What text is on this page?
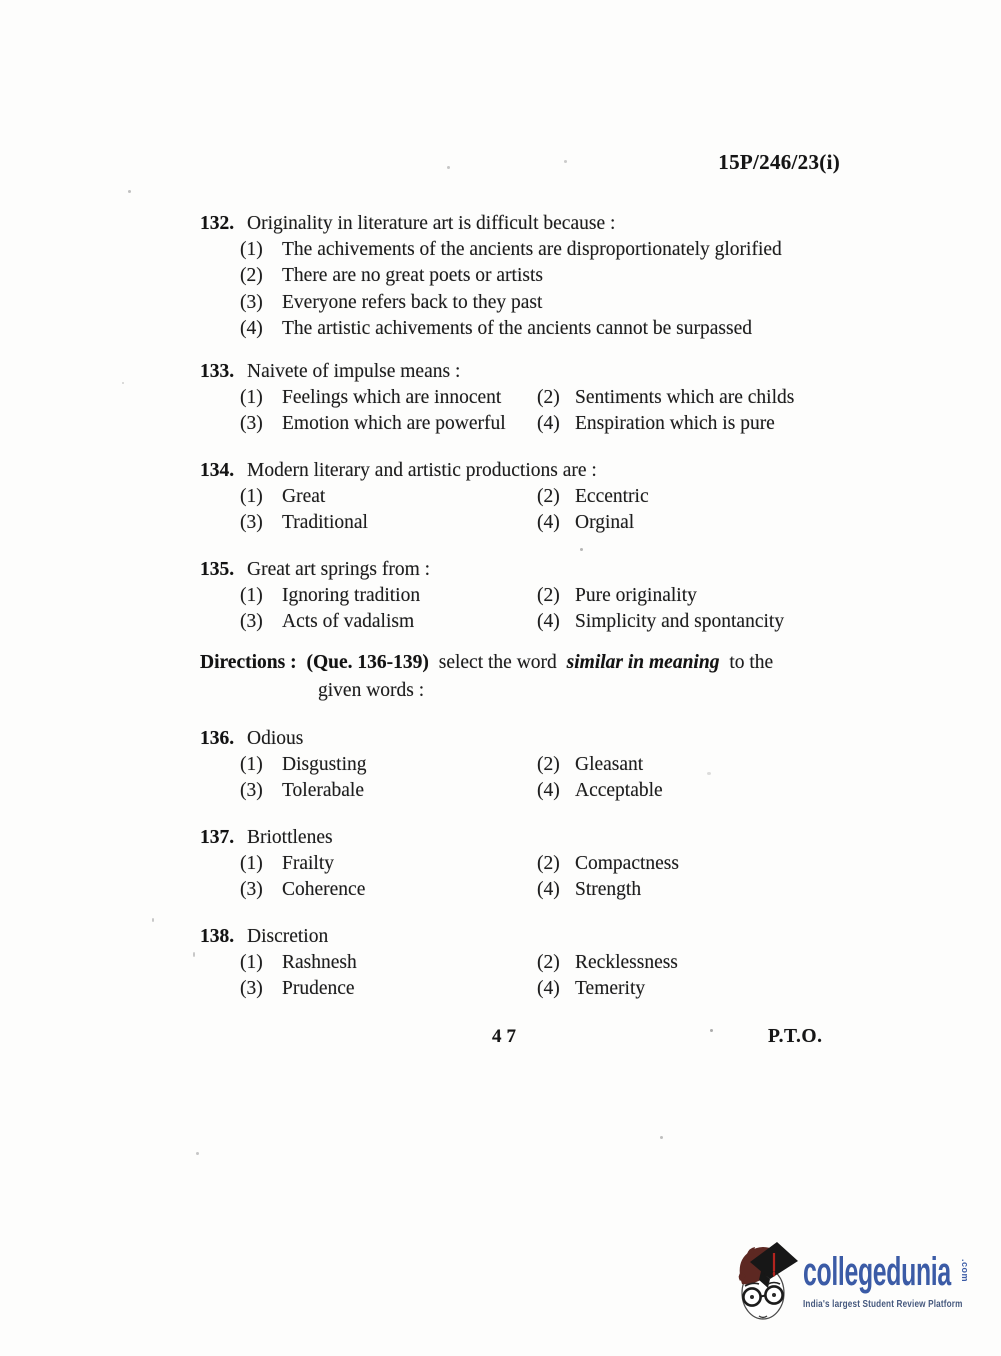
15P/246/23(i)
132. Originality in literature art is difficult because :
(1) The achivements of the ancients are disproportionately glorified
(2) There are no great poets or artists
(3) Everyone refers back to they past
(4) The artistic achivements of the ancients cannot be surpassed
133. Naivete of impulse means :
(1) Feelings which are innocent (2) Sentiments which are childs
(3) Emotion which are powerful (4) Enspiration which is pure
134. Modern literary and artistic productions are :
(1) Great	(2) Eccentric
(3) Traditional	(4) Orginal
135. Great art springs from :
(1) Ignoring tradition	(2) Pure originality
(3) Acts of vadalism	(4) Simplicity and spontancity
Directions : (Que. 136-139) select the word similar in meaning to the
given words :
136. Odious
(1) Disgusting	(2) Gleasant
(3) Tolerabale	(4) Acceptable
137. Briottlenes
(1) Frailty	(2) Compactness
(3) Coherence	(4) Strength
138. Discretion
(1) Rashnesh	(2) Recklessness
(3) Prudence	(4) Temerity
47	P.T.O.
collegedunia .com
India's largest Student Review Platform
